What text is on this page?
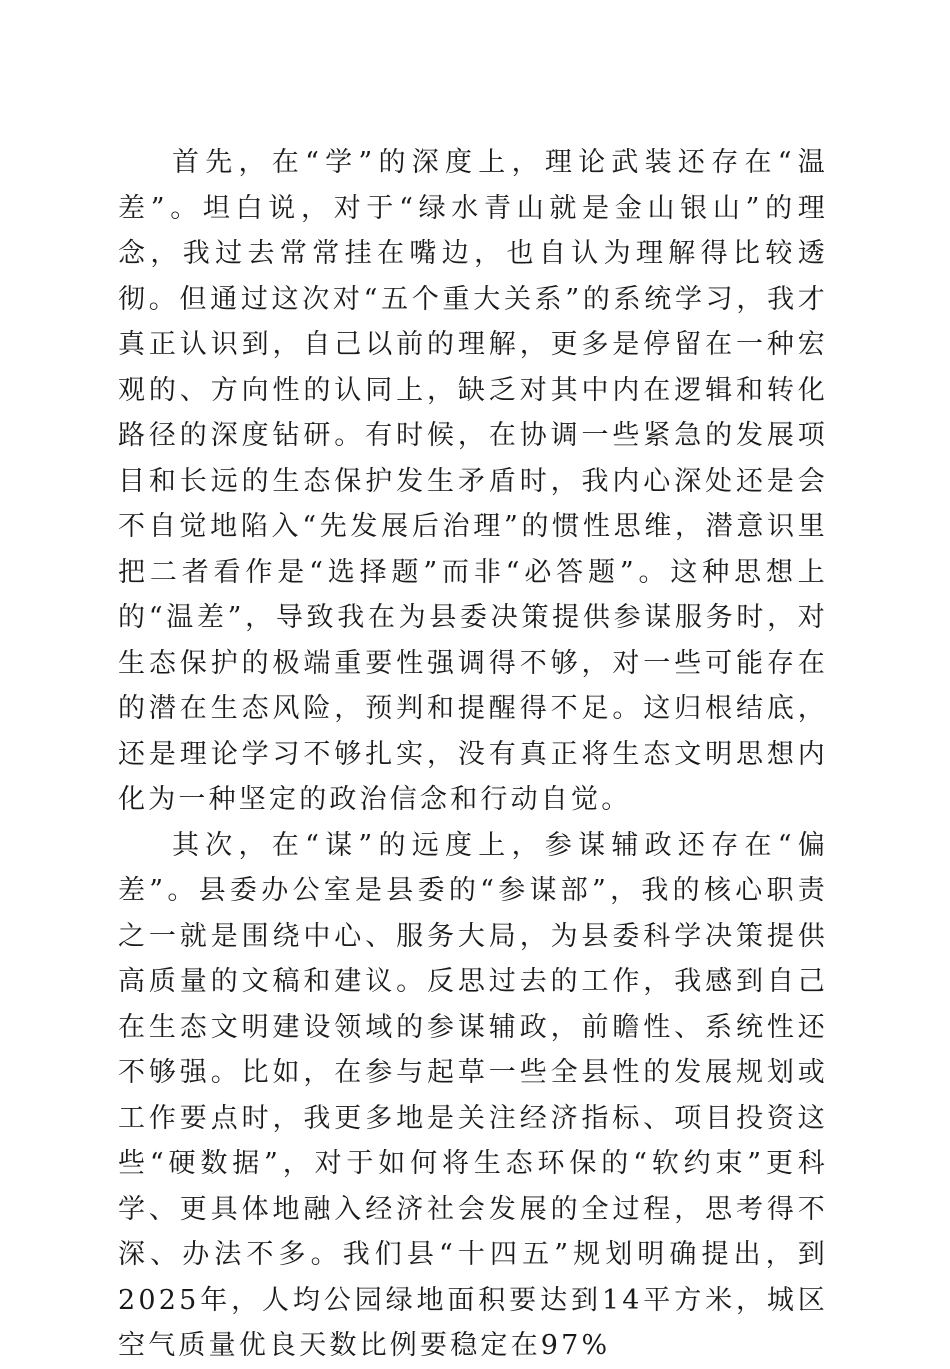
首先，在“学”的深度上，理论武装还存在“温差”。坦白说，对于“绿水青山就是金山银山”的理念，我过去常常挂在嘴边，也自认为理解得比较透彻。但通过这次对“五个重大关系”的系统学习，我才真正认识到，自己以前的理解，更多是停留在一种宏观的、方向性的认同上，缺乏对其中内在逻辑和转化路径的深度钻研。有时候，在协调一些紧急的发展项目和长远的生态保护发生矛盾时，我内心深处还是会不自觉地陷入“先发展后治理”的惯性思维，潜意识里把二者看作是“选择题”而非“必答题”。这种思想上的“温差”，导致我在为县委决策提供参谋服务时，对生态保护的极端重要性强调得不够，对一些可能存在的潜在生态风险，预判和提醒得不足。这归根结底，还是理论学习不够扎实，没有真正将生态文明思想内化为一种坚定的政治信念和行动自觉。

其次，在“谋”的远度上，参谋辅政还存在“偏差”。县委办公室是县委的“参谋部”，我的核心职责之一就是围绕中心、服务大局，为县委科学决策提供高质量的文稿和建议。反思过去的工作，我感到自己在生态文明建设领域的参谋辅政，前瞻性、系统性还不够强。比如，在参与起草一些全县性的发展规划或工作要点时，我更多地是关注经济指标、项目投资这些“硬数据”，对于如何将生态环保的“软约束”更科学、更具体地融入经济社会发展的全过程，思考得不深、办法不多。我们县“十四五”规划明确提出，到2025年，人均公园绿地面积要达到14平方米，城区空气质量优良天数比例要稳定在97%
